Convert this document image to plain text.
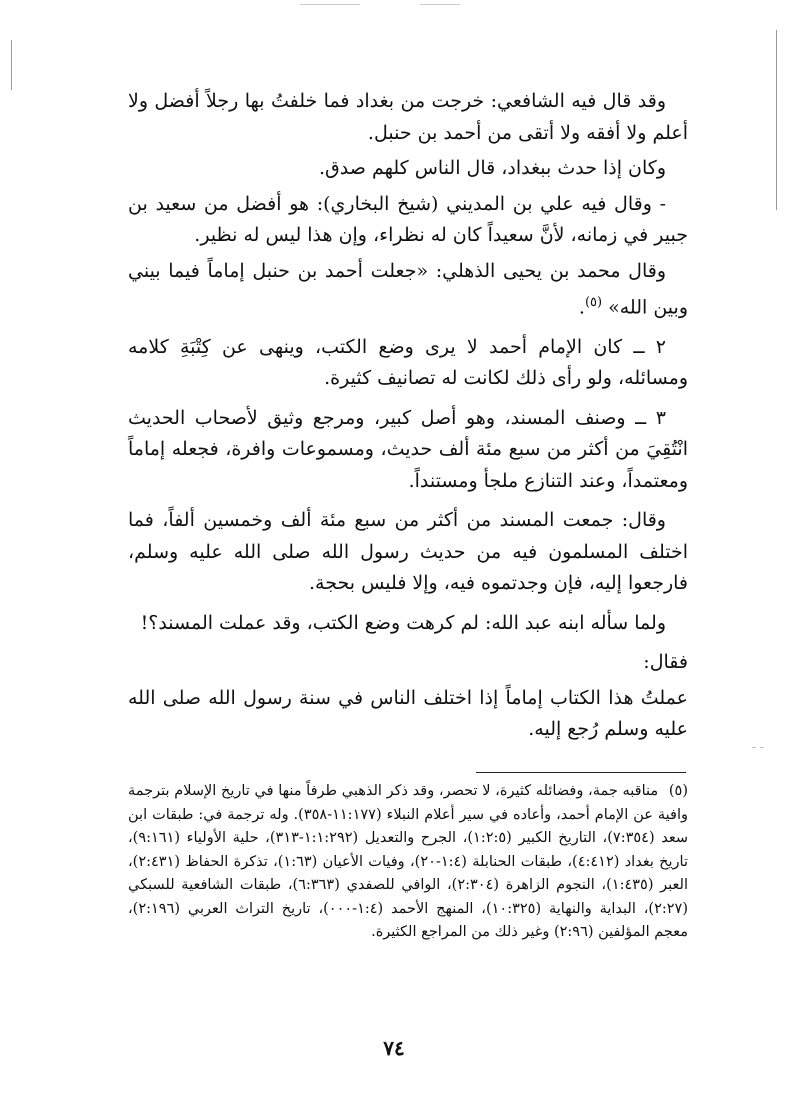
- -

وقد قال فيه الشافعي: خرجت من بغداد فما خلفتُ بها رجلاً أفضل ولا أعلم ولا أفقه ولا أتقى من أحمد بن حنبل.

وكان إذا حدث ببغداد، قال الناس كلهم صدق.

- وقال فيه علي بن المديني (شيخ البخاري): هو أفضل من سعيد بن جبير في زمانه، لأنَّ سعيداً كان له نظراء، وإن هذا ليس له نظير.

وقال محمد بن يحيى الذهلي: «جعلت أحمد بن حنبل إماماً فيما بيني وبين الله» $^{(٥)}$.

٢ ــ كان الإمام أحمد لا يرى وضع الكتب، وينهى عن كِتْبَةِ كلامه ومسائله، ولو رأى ذلك لكانت له تصانيف كثيرة.

٣ ــ وصنف المسند، وهو أصل كبير، ومرجع وثيق لأصحاب الحديث انْتُقِيَ من أكثر من سبع مئة ألف حديث، ومسموعات وافرة، فجعله إماماً ومعتمداً، وعند التنازع ملجأ ومستنداً.

وقال: جمعت المسند من أكثر من سبع مئة ألف وخمسين ألفاً، فما اختلف المسلمون فيه من حديث رسول الله صلى الله عليه وسلم، فارجعوا إليه، فإن وجدتموه فيه، وإلا فليس بحجة.

ولما سأله ابنه عبد الله: لم كرهت وضع الكتب، وقد عملت المسند؟!

فقال:

عملتُ هذا الكتاب إماماً إذا اختلف الناس في سنة رسول الله صلى الله عليه وسلم رُجع إليه.

(٥) مناقبه جمة، وفضائله كثيرة، لا تحصر، وقد ذكر الذهبي طرفاً منها في تاريخ الإسلام بترجمة وافية عن الإمام أحمد، وأعاده في سير أعلام النبلاء (١١:١٧٧-٣٥٨). وله ترجمة في: طبقات ابن سعد (٧:٣٥٤)، التاريخ الكبير (١:٢:٥)، الجرح والتعديل (١:١:٢٩٢-٣١٣)، حلية الأولياء (٩:١٦١)، تاريخ بغداد (٤:٤١٢)، طبقات الحنابلة (١:٤-٢٠)، وفيات الأعيان (١:٦٣)، تذكرة الحفاظ (٢:٤٣١)، العبر (١:٤٣٥)، النجوم الزاهرة (٢:٣٠٤)، الوافي للصفدي (٦:٣٦٣)، طبقات الشافعية للسبكي (٢:٢٧)، البداية والنهاية (١٠:٣٢٥)، المنهج الأحمد (١:٤-٠٠٠)، تاريخ التراث العربي (٢:١٩٦)، معجم المؤلفين (٢:٩٦) وغير ذلك من المراجع الكثيرة.
٧٤
